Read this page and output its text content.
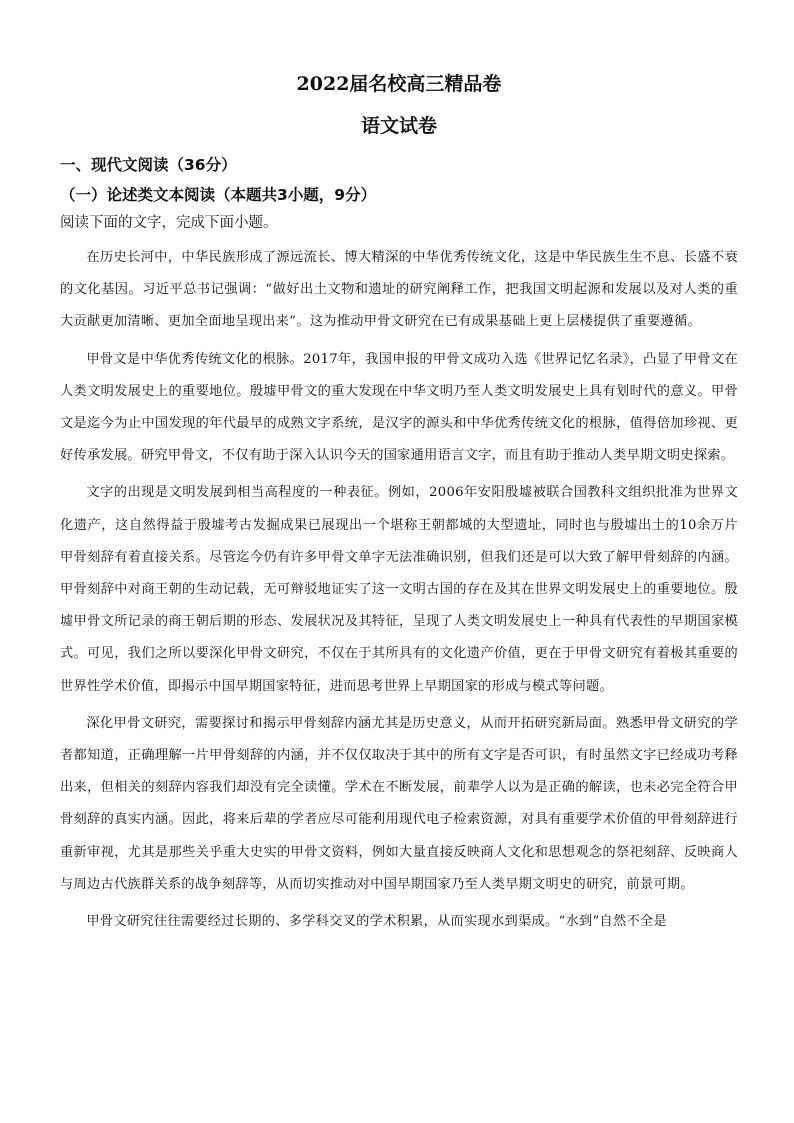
2022届名校高三精品卷
语文试卷
一、现代文阅读（36分）
（一）论述类文本阅读（本题共3小题，9分）
阅读下面的文字，完成下面小题。

在历史长河中，中华民族形成了源远流长、博大精深的中华优秀传统文化，这是中华民族生生不息、长盛不衰的文化基因。习近平总书记强调：“做好出土文物和遗址的研究阐释工作，把我国文明起源和发展以及对人类的重大贡献更加清晰、更加全面地呈现出来”。这为推动甲骨文研究在已有成果基础上更上层楼提供了重要遵循。

甲骨文是中华优秀传统文化的根脉。2017年，我国申报的甲骨文成功入选《世界记忆名录》，凸显了甲骨文在人类文明发展史上的重要地位。殷墟甲骨文的重大发现在中华文明乃至人类文明发展史上具有划时代的意义。甲骨文是迄今为止中国发现的年代最早的成熟文字系统，是汉字的源头和中华优秀传统文化的根脉，值得倍加珍视、更好传承发展。研究甲骨文，不仅有助于深入认识今天的国家通用语言文字，而且有助于推动人类早期文明史探索。

文字的出现是文明发展到相当高程度的一种表征。例如，2006年安阳殷墟被联合国教科文组织批准为世界文化遗产，这自然得益于殷墟考古发掘成果已展现出一个堪称王朝都城的大型遗址，同时也与殷墟出土的10余万片甲骨刻辞有着直接关系。尽管迄今仍有许多甲骨文单字无法准确识别，但我们还是可以大致了解甲骨刻辞的内涵。甲骨刻辞中对商王朝的生动记载，无可辩驳地证实了这一文明古国的存在及其在世界文明发展史上的重要地位。殷墟甲骨文所记录的商王朝后期的形态、发展状况及其特征，呈现了人类文明发展史上一种具有代表性的早期国家模式。可见，我们之所以要深化甲骨文研究，不仅在于其所具有的文化遗产价值，更在于甲骨文研究有着极其重要的世界性学术价值，即揭示中国早期国家特征，进而思考世界上早期国家的形成与模式等问题。

深化甲骨文研究，需要探讨和揭示甲骨刻辞内涵尤其是历史意义，从而开拓研究新局面。熟悉甲骨文研究的学者都知道，正确理解一片甲骨刻辞的内涵，并不仅仅取决于其中的所有文字是否可识，有时虽然文字已经成功考释出来，但相关的刻辞内容我们却没有完全读懂。学术在不断发展，前辈学人以为是正确的解读，也未必完全符合甲骨刻辞的真实内涵。因此，将来后辈的学者应尽可能利用现代电子检索资源，对具有重要学术价值的甲骨刻辞进行重新审视，尤其是那些关乎重大史实的甲骨文资料，例如大量直接反映商人文化和思想观念的祭祀刻辞、反映商人与周边古代族群关系的战争刻辞等，从而切实推动对中国早期国家乃至人类早期文明史的研究，前景可期。

甲骨文研究往往需要经过长期的、多学科交叉的学术积累，从而实现水到渠成。“水到”自然不全是
